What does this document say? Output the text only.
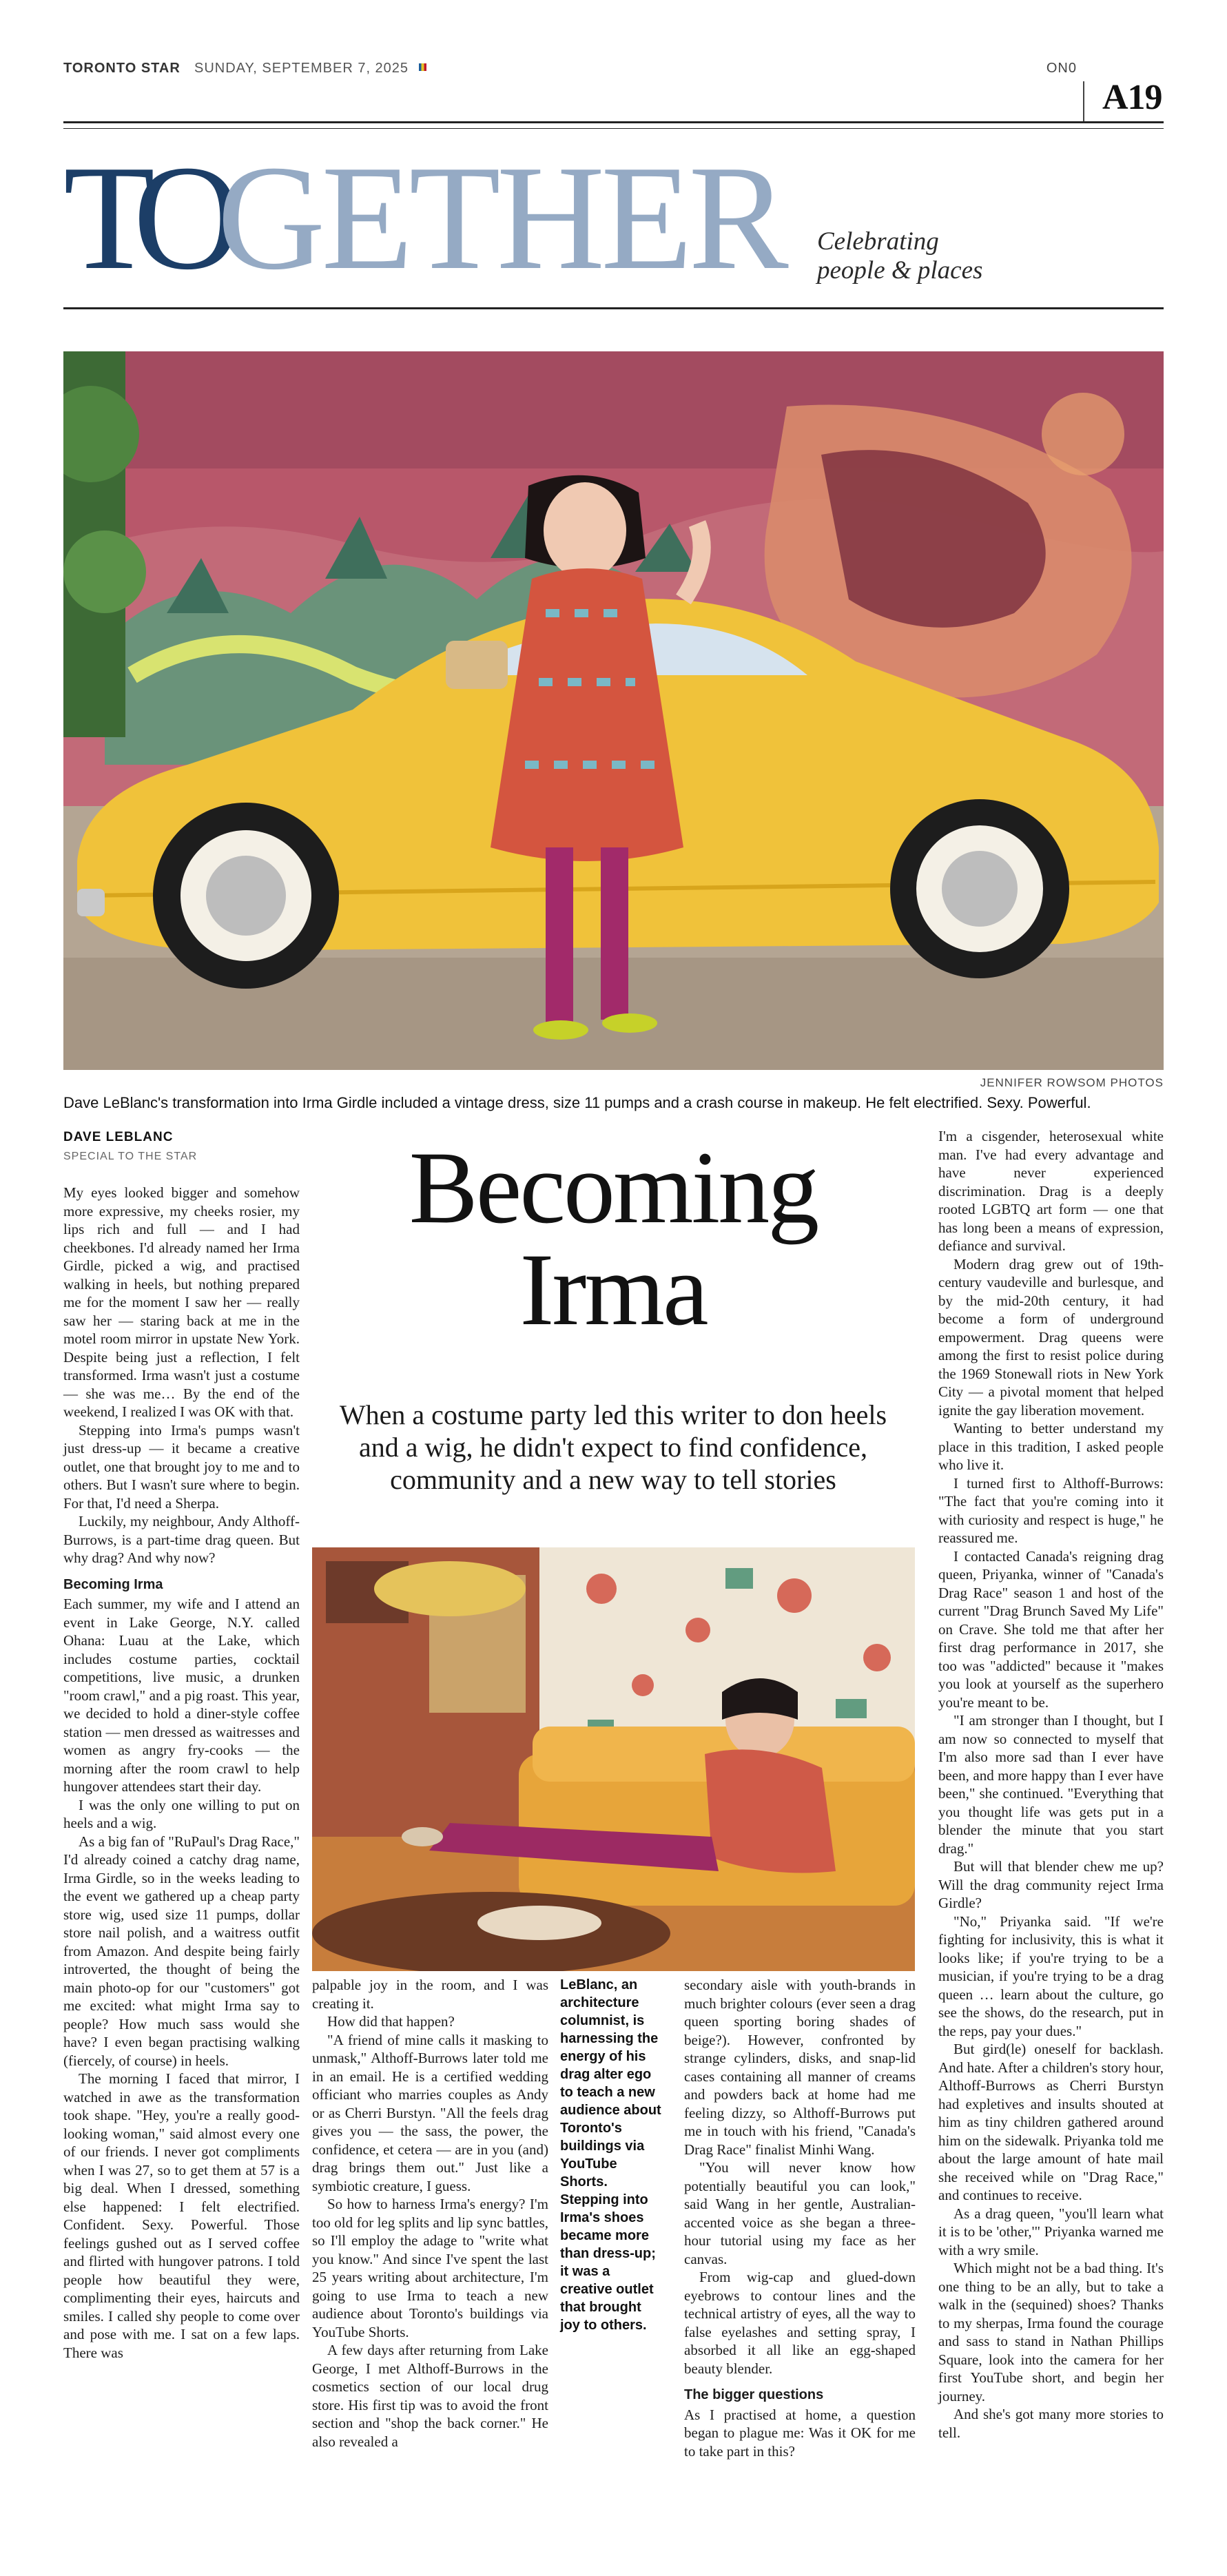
TORONTO STAR SUNDAY, SEPTEMBER 7, 2025	ON0
A19
TO
GETHER Celebrating people & places
JENNIFER ROWSOM PHOTOS
Dave LeBlanc's transformation into Irma Girdle included a vintage dress, size 11 pumps and a crash course in makeup. He felt electrified. Sexy. Powerful.
DAVE LEBLANC
SPECIAL TO THE STAR	Becoming
Irma
When a costume party led this writer to don heels and a wig, he didn't expect to find confidence, community and a new way to tell stories

My eyes looked bigger and somehow more expressive, my cheeks rosier, my lips rich and full — and I had cheekbones. I'd already named her Irma Girdle, picked a wig, and practised walking in heels, but nothing prepared me for the moment I saw her — really saw her — staring back at me in the motel room mirror in upstate New York. Despite being just a reflection, I felt transformed. Irma wasn't just a costume — she was me… By the end of the weekend, I realized I was OK with that.

Stepping into Irma's pumps wasn't just dress-up — it became a creative outlet, one that brought joy to me and to others. But I wasn't sure where to begin. For that, I'd need a Sherpa.

Luckily, my neighbour, Andy Althoff-Burrows, is a part-time drag queen. But why drag? And why now?

Becoming Irma

Each summer, my wife and I attend an event in Lake George, N.Y. called Ohana: Luau at the Lake, which includes costume parties, cocktail competitions, live music, a drunken "room crawl," and a pig roast. This year, we decided to hold a diner-style coffee station — men dressed as waitresses and women as angry fry-cooks — the morning after the room crawl to help hungover attendees start their day.

I was the only one willing to put on heels and a wig.

As a big fan of "RuPaul's Drag Race," I'd already coined a catchy drag name, Irma Girdle, so in the weeks leading to the event we gathered up a cheap party store wig, used size 11 pumps, dollar store nail polish, and a waitress outfit from Amazon. And despite being fairly introverted, the thought of being the main photo-op for our "customers" got me excited: what might Irma say to people? How much sass would she have? I even began practising walking (fiercely, of course) in heels.

The morning I faced that mirror, I watched in awe as the transformation took shape. "Hey, you're a really good-looking woman," said almost every one of our friends. I never got compliments when I was 27, so to get them at 57 is a big deal. When I dressed, something else happened: I felt electrified. Confident. Sexy. Powerful. Those feelings gushed out as I served coffee and flirted with hungover patrons. I told people how beautiful they were, complimenting their eyes, haircuts and smiles. I called shy people to come over and pose with me. I sat on a few laps. There was

palpable joy in the room, and I was creating it.

How did that happen?

"A friend of mine calls it masking to unmask," Althoff-Burrows later told me in an email. He is a certified wedding officiant who marries couples as Andy or as Cherri Burstyn. "All the feels drag gives you — the sass, the power, the confidence, et cetera — are in you (and) drag brings them out." Just like a symbiotic creature, I guess.

So how to harness Irma's energy? I'm too old for leg splits and lip sync battles, so I'll employ the adage to "write what you know." And since I've spent the last 25 years writing about architecture, I'm going to use Irma to teach a new audience about Toronto's buildings via YouTube Shorts.

A few days after returning from Lake George, I met Althoff-Burrows in the cosmetics section of our local drug store. His first tip was to avoid the front section and "shop the back corner." He also revealed a

LeBlanc, an architecture columnist, is harnessing the energy of his drag alter ego to teach a new audience about Toronto's buildings via YouTube Shorts. Stepping into Irma's shoes became more than dress-up; it was a creative outlet that brought joy to others.

secondary aisle with youth-brands in much brighter colours (ever seen a drag queen sporting boring shades of beige?). However, confronted by strange cylinders, disks, and snap-lid cases containing all manner of creams and powders back at home had me feeling dizzy, so Althoff-Burrows put me in touch with his friend, "Canada's Drag Race" finalist Minhi Wang.

"You will never know how potentially beautiful you can look," said Wang in her gentle, Australian-accented voice as she began a three-hour tutorial using my face as her canvas.

From wig-cap and glued-down eyebrows to contour lines and the technical artistry of eyes, all the way to false eyelashes and setting spray, I absorbed it all like an egg-shaped beauty blender.

The bigger questions

As I practised at home, a question began to plague me: Was it OK for me to take part in this?

I'm a cisgender, heterosexual white man. I've had every advantage and have never experienced discrimination. Drag is a deeply rooted LGBTQ art form — one that has long been a means of expression, defiance and survival.

Modern drag grew out of 19th-century vaudeville and burlesque, and by the mid-20th century, it had become a form of underground empowerment. Drag queens were among the first to resist police during the 1969 Stonewall riots in New York City — a pivotal moment that helped ignite the gay liberation movement.

Wanting to better understand my place in this tradition, I asked people who live it.

I turned first to Althoff-Burrows: "The fact that you're coming into it with curiosity and respect is huge," he reassured me.

I contacted Canada's reigning drag queen, Priyanka, winner of "Canada's Drag Race" season 1 and host of the current "Drag Brunch Saved My Life" on Crave. She told me that after her first drag performance in 2017, she too was "addicted" because it "makes you look at yourself as the superhero you're meant to be.

"I am stronger than I thought, but I am now so connected to myself that I'm also more sad than I ever have been, and more happy than I ever have been," she continued. "Everything that you thought life was gets put in a blender the minute that you start drag."

But will that blender chew me up? Will the drag community reject Irma Girdle?

"No," Priyanka said. "If we're fighting for inclusivity, this is what it looks like; if you're trying to be a musician, if you're trying to be a drag queen … learn about the culture, go see the shows, do the research, put in the reps, pay your dues."

But gird(le) oneself for backlash. And hate. After a children's story hour, Althoff-Burrows as Cherri Burstyn had expletives and insults shouted at him as tiny children gathered around him on the sidewalk. Priyanka told me about the large amount of hate mail she received while on "Drag Race," and continues to receive.

As a drag queen, "you'll learn what it is to be 'other,'" Priyanka warned me with a wry smile.

Which might not be a bad thing. It's one thing to be an ally, but to take a walk in the (sequined) shoes? Thanks to my sherpas, Irma found the courage and sass to stand in Nathan Phillips Square, look into the camera for her first YouTube short, and begin her journey.

And she's got many more stories to tell.
